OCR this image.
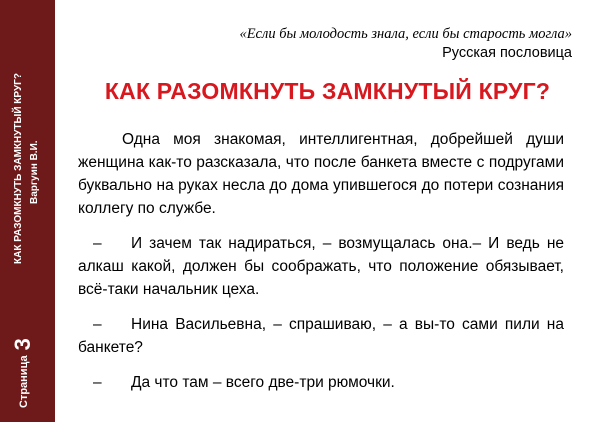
Страница3
КАК РАЗОМКНУТЬ ЗАМКНУТЫЙ КРУГ? Варгуин В.И.
«Если бы молодость знала, если бы старость могла»
Русская пословица
КАК РАЗОМКНУТЬ ЗАМКНУТЫЙ КРУГ?

Одна моя знакомая, интеллигентная, добрейшей души женщина как-то разсказала, что после банкета вместе с подругами буквально на руках несла до дома упившегося до потери сознания коллегу по службе.

– И зачем так надираться, – возмущалась она.– И ведь не алкаш какой, должен бы соображать, что положение обязывает, всё-таки начальник цеха.

– Нина Васильевна, – спрашиваю, – а вы-то сами пили на банкете?

– Да что там – всего две-три рюмочки.
